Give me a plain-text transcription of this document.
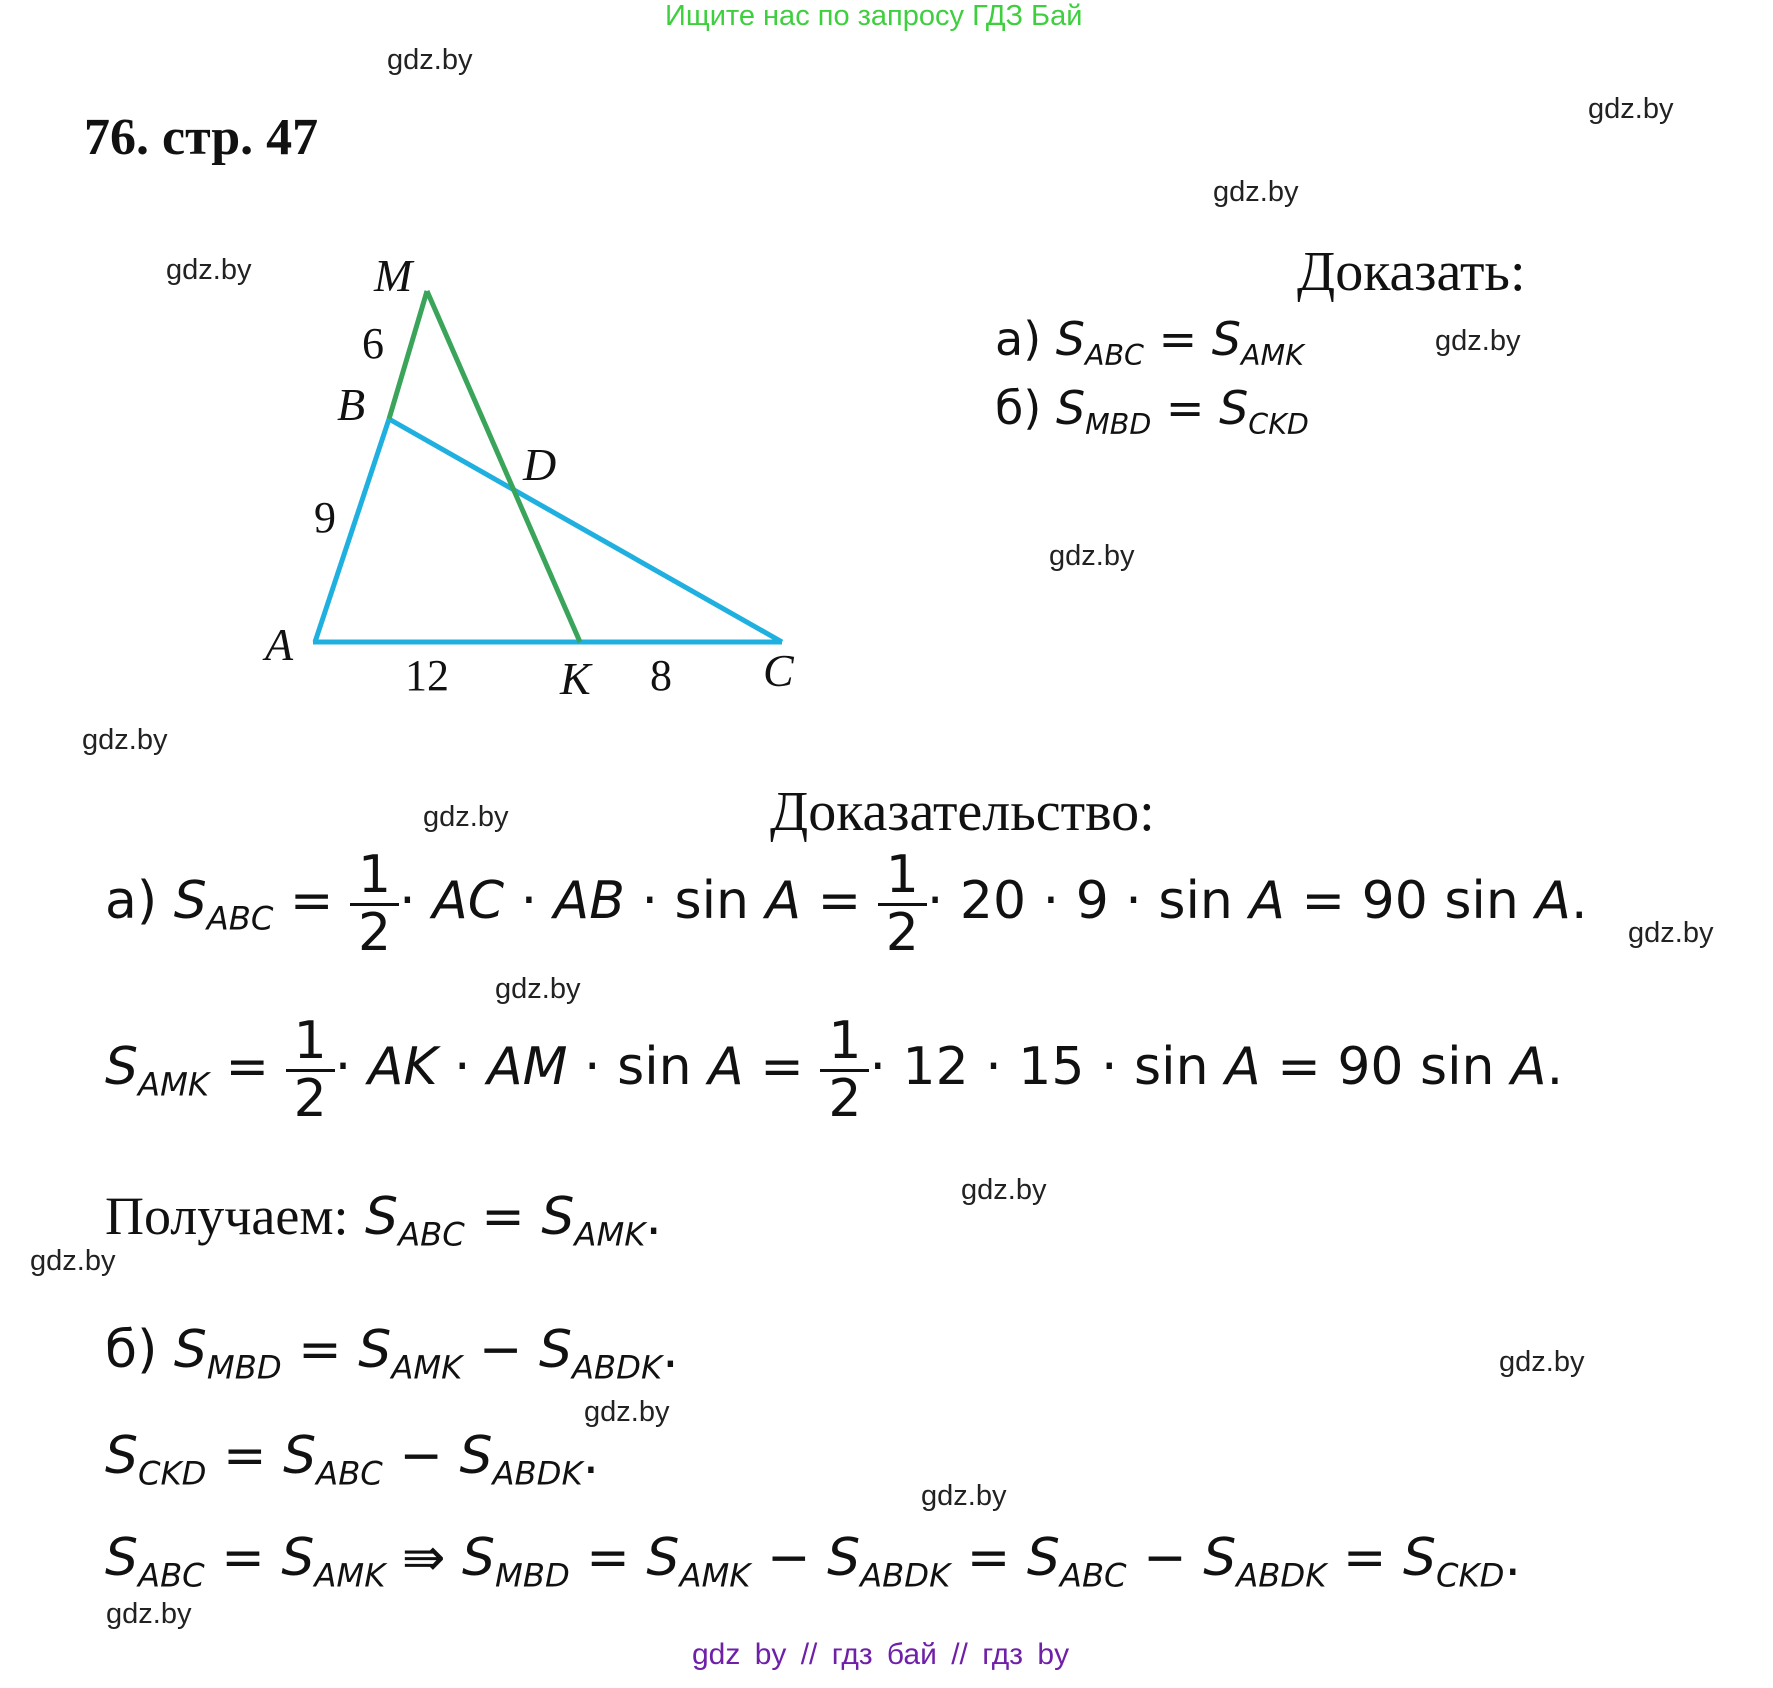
Ищите нас по запросу ГДЗ Бай
gdz by // гдз бай // гдз by
gdz.by
gdz.by
gdz.by
gdz.by
gdz.by
gdz.by
gdz.by
gdz.by
gdz.by
gdz.by
gdz.by
gdz.by
gdz.by
gdz.by
gdz.by
gdz.by
76. стр. 47
M
B
D
A
K	C
6
9
12	8
Доказать:
а) $S_{ABC} = S_{AMK}$
б) $S_{MBD} = S_{CKD}$
Доказательство:
а) $S_{ABC} = \frac{1}{2}$ · AC · AB · $\sin A = \frac{1}{2} \cdot 20 \cdot 9 \cdot \sin A = 90$ sin A.
$S_{AMK} = \frac{1}{2}$ · AK · AM · $\sin A = \frac{1}{2} \cdot 12 \cdot 15 \cdot \sin A = 90$ sin A.
Получаем: $S_{ABC} = S_{AMK}$.
б) $S_{MBD} = S_{AMK} - S_{ABDK}$.
$S_{CKD} = S_{ABC} - S_{ABDK}$.
$S_{ABC} = S_{AMK}$ ⇛ $S_{MBD} = S_{AMK} - S_{ABDK} = S_{ABC} - S_{ABDK} = S_{CKD}$.
